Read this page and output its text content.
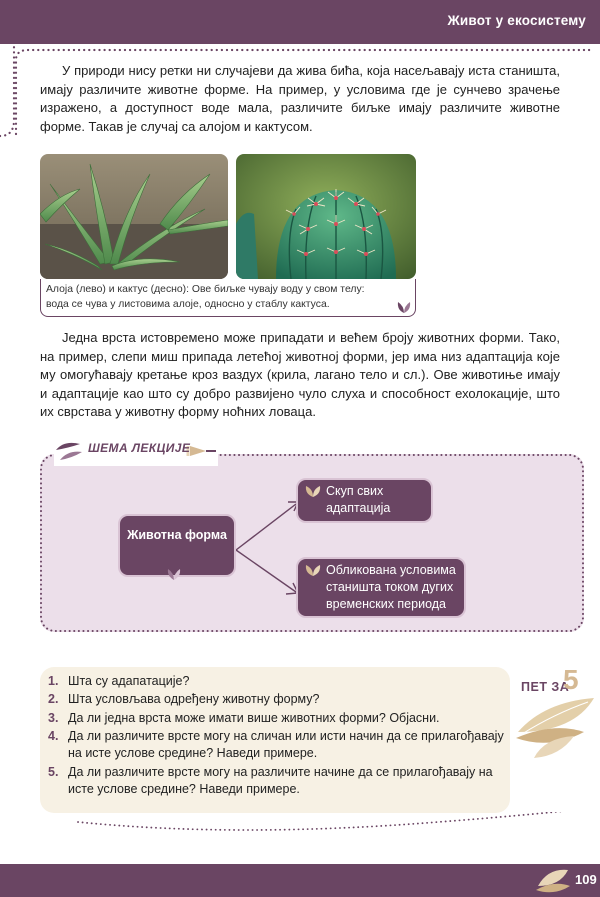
Живот у екосистему

У природи нису ретки ни случајеви да жива бића, која насељавају иста станишта, имају различите животне форме. На пример, у условима где је сунчево зрачење изражено, а доступност воде мала, различите биљке имају различите животне форме. Такав је случај са алојом и кактусом.

Алоја (лево) и кактус (десно): Ове биљке чувају воду у свом телу: вода се чува у листовима алоје, односно у стаблу кактуса.

Једна врста истовремено може припадати и већем броју животних форми. Тако, на пример, слепи миш припада летећој животној форми, јер има низ адаптација које му омогућавају кретање кроз ваздух (крила, лагано тело и сл.). Ове животиње имају и адаптације као што су добро развијено чуло слуха и способност ехолокације, што их сврстава у животну форму ноћних ловаца.

ШЕМА ЛЕКЦИЈЕ
Животна форма
Скуп свих адаптација
Обликована условима станишта током дугих временских периода
1. Шта су адапатације?
2. Шта условљава одређену животну форму?
3. Да ли једна врста може имати више животних форми? Објасни.
4. Да ли различите врсте могу на сличан или исти начин да се прилагођавају на исте услове средине? Наведи примере.
5. Да ли различите врсте могу на различите начине да се прилагођавају на исте услове средине? Наведи примере.
ПЕТ ЗА
5
109
